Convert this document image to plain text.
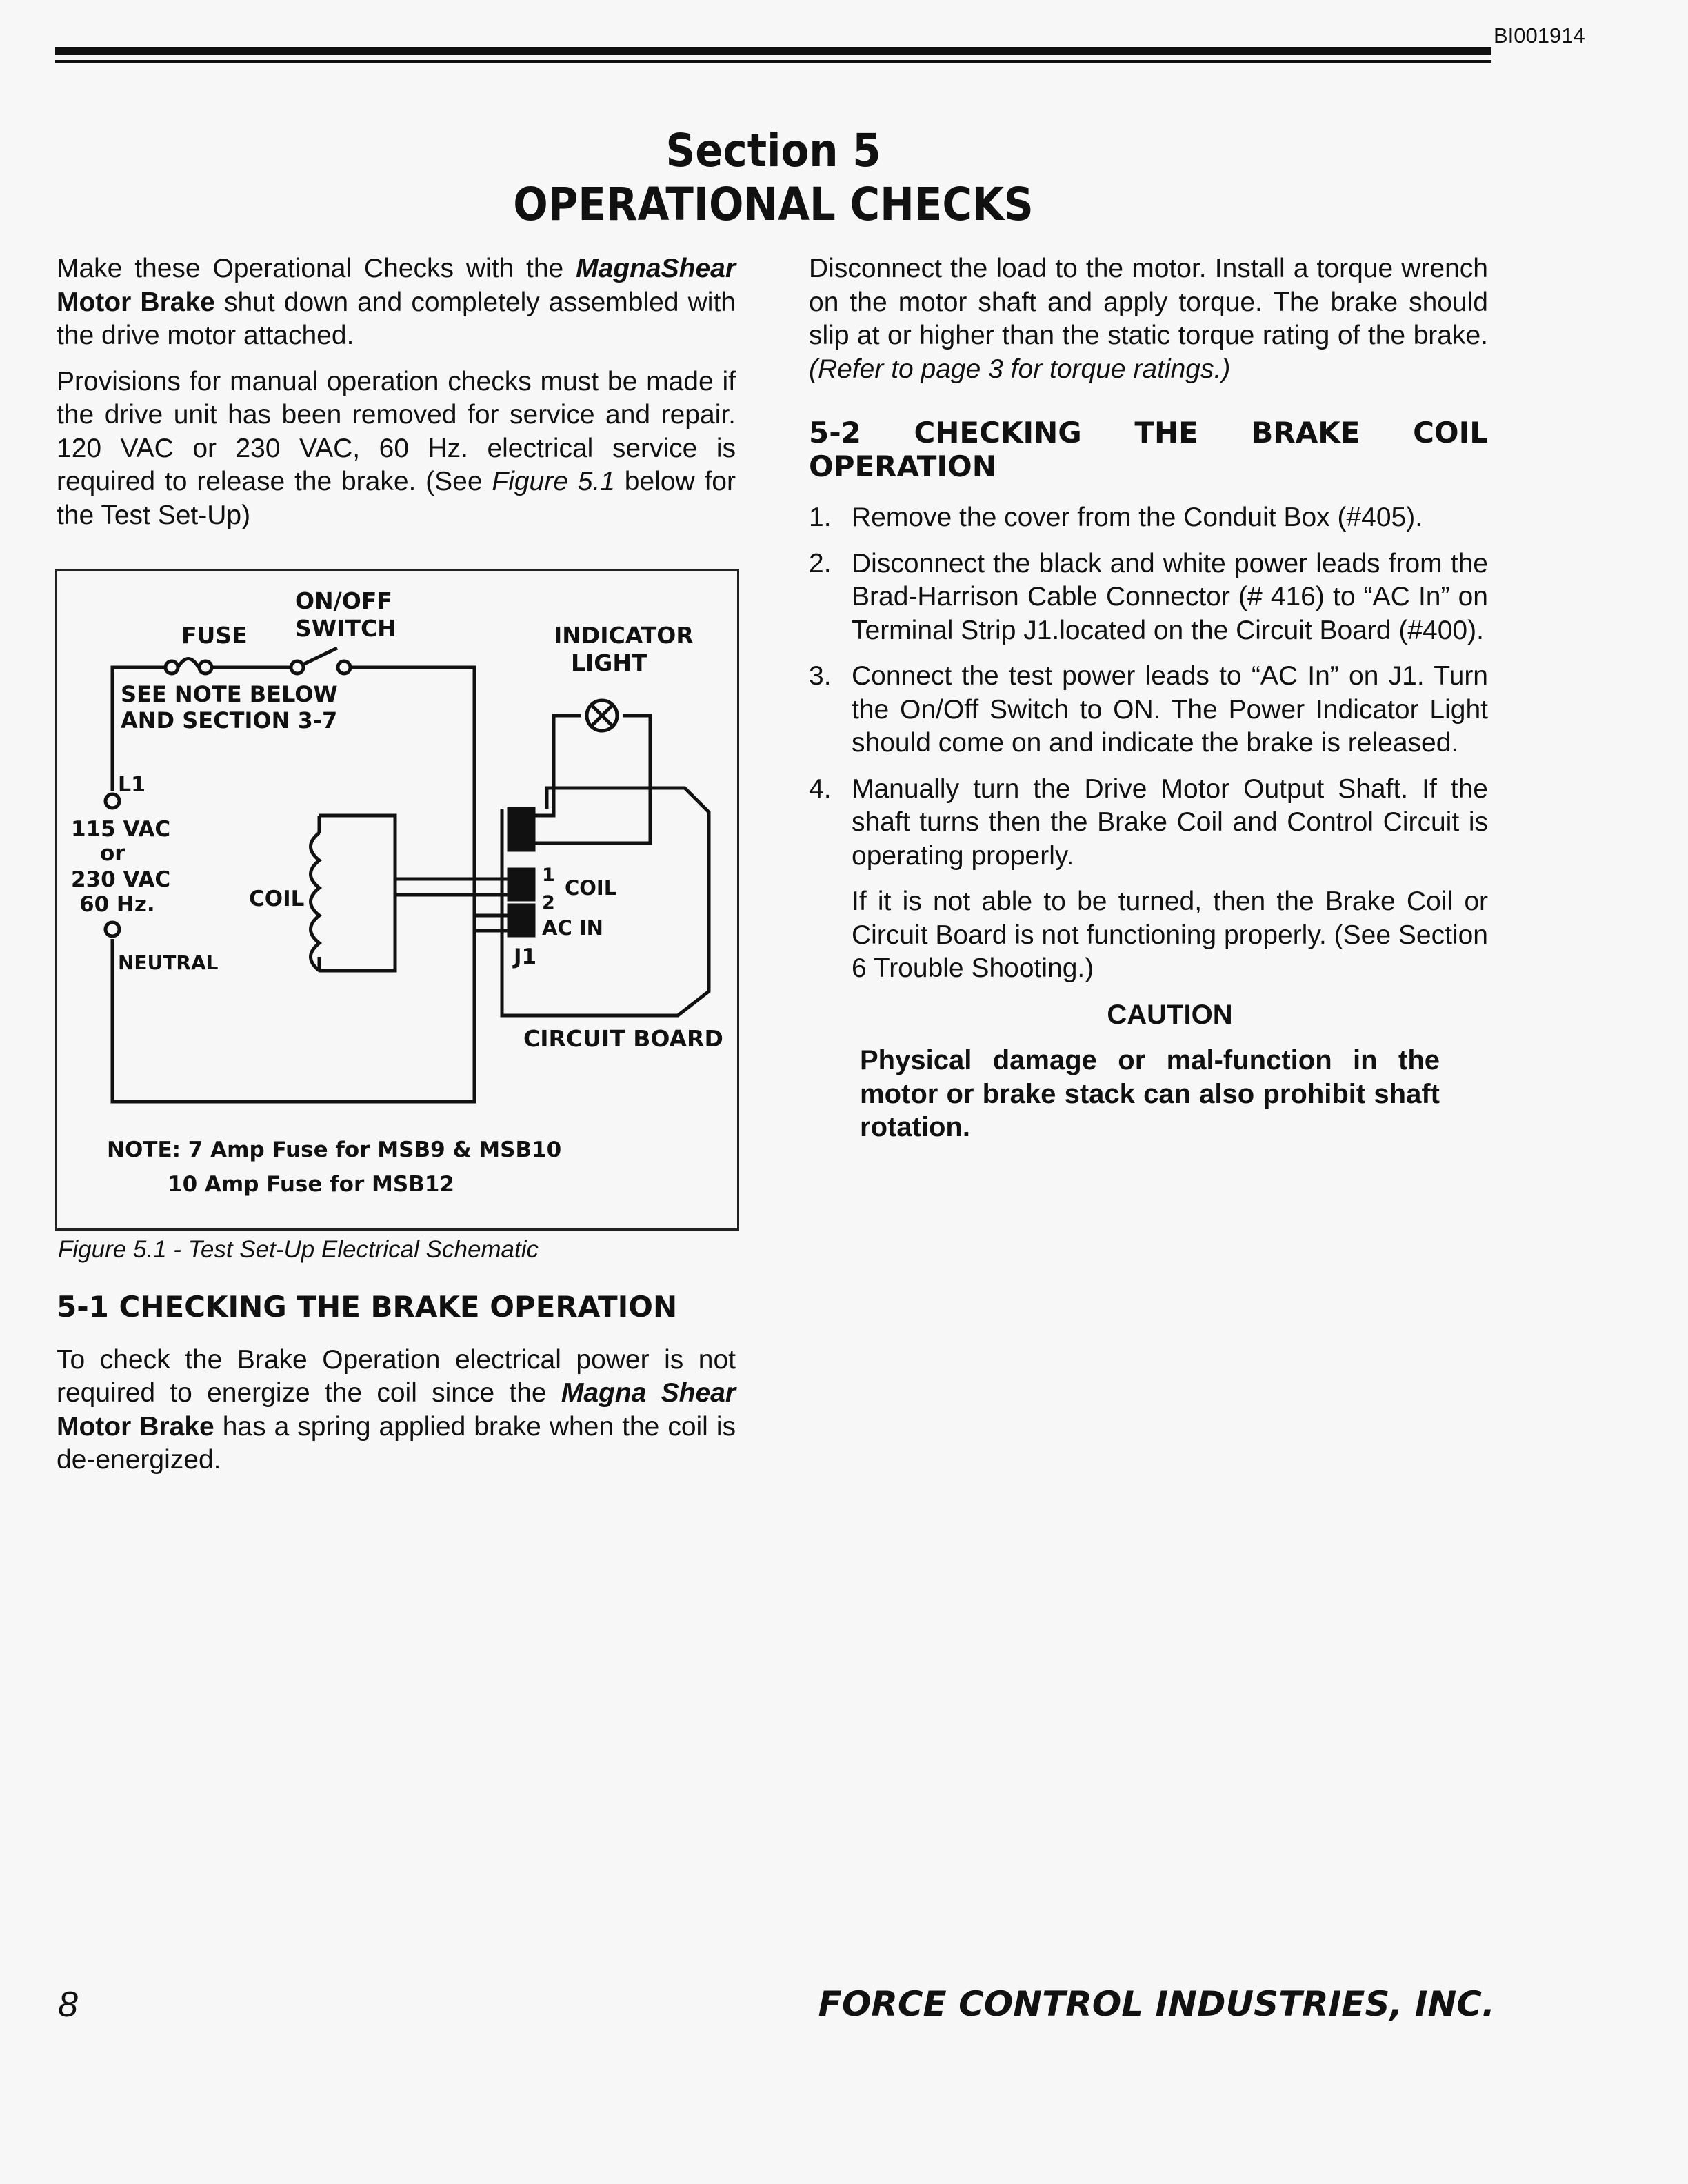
BI001914
Section 5
OPERATIONAL CHECKS

Make these Operational Checks with the MagnaShear Motor Brake shut down and completely assembled with the drive motor attached.

Provisions for manual operation checks must be made if the drive unit has been removed for service and repair. 120 VAC or 230 VAC, 60 Hz. electrical service is required to release the brake. (See Figure 5.1 below for the Test Set-Up)

ON/OFF
SWITCH
FUSE
SEE NOTE BELOW
AND SECTION 3-7
INDICATOR
LIGHT
L1
115 VAC
or
230 VAC
60 Hz.	COIL
NEUTRAL
1
2
COIL
AC IN
J1
CIRCUIT BOARD
NOTE: 7 Amp Fuse for MSB9 & MSB10
10 Amp Fuse for MSB12
Figure 5.1 - Test Set-Up Electrical Schematic

5-1 CHECKING THE BRAKE OPERATION

To check the Brake Operation electrical power is not required to energize the coil since the Magna Shear Motor Brake has a spring applied brake when the coil is de-energized.

Disconnect the load to the motor. Install a torque wrench on the motor shaft and apply torque. The brake should slip at or higher than the static torque rating of the brake. (Refer to page 3 for torque ratings.)

5-2 CHECKING THE BRAKE COIL OPERATION

1. Remove the cover from the Conduit Box (#405).
2. Disconnect the black and white power leads from the Brad-Harrison Cable Connector (# 416) to “AC In” on Terminal Strip J1.located on the Circuit Board (#400).
3. Connect the test power leads to “AC In” on J1. Turn the On/Off Switch to ON. The Power Indicator Light should come on and indicate the brake is released.
4. Manually turn the Drive Motor Output Shaft. If the shaft turns then the Brake Coil and Control Circuit is operating properly.

If it is not able to be turned, then the Brake Coil or Circuit Board is not functioning properly. (See Section 6 Trouble Shooting.)

CAUTION

Physical damage or mal-function in the motor or brake stack can also prohibit shaft rotation.

8	FORCE CONTROL INDUSTRIES, INC.
